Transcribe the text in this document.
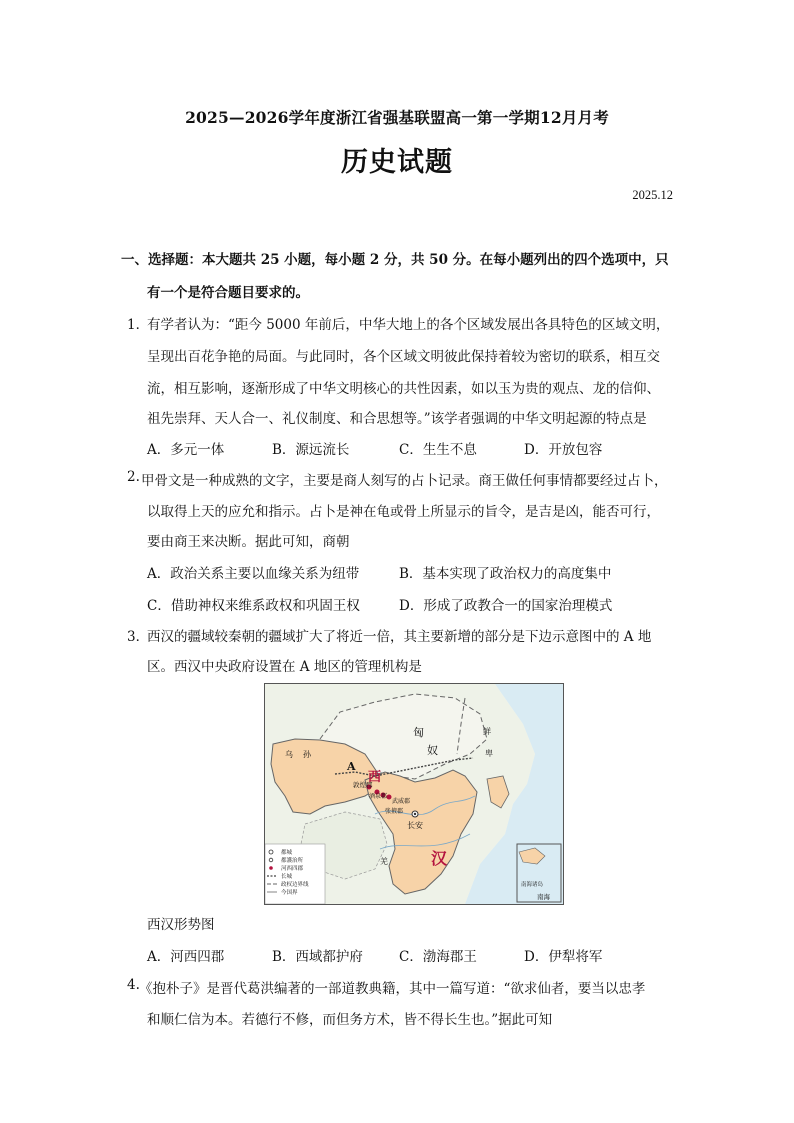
2025—2026学年度浙江省强基联盟高一第一学期12月月考
历史试题
2025.12
一、选择题：本大题共 25 小题，每小题 2 分，共 50 分。在每小题列出的四个选项中，只
有一个是符合题目要求的。
1．
有学者认为：“距今 5000 年前后，中华大地上的各个区域发展出各具特色的区域文明，
呈现出百花争艳的局面。与此同时，各个区域文明彼此保持着较为密切的联系，相互交
流，相互影响，逐渐形成了中华文明核心的共性因素，如以玉为贵的观点、龙的信仰、
祖先崇拜、天人合一、礼仪制度、和合思想等。”该学者强调的中华文明起源的特点是
A．多元一体	B．源远流长	C．生生不息	D．开放包容
2. 甲骨文是一种成熟的文字，主要是商人刻写的占卜记录。商王做任何事情都要经过占卜，
以取得上天的应允和指示。占卜是神在龟或骨上所显示的旨令，是吉是凶，能否可行，
要由商王来决断。据此可知，商朝
A．政治关系主要以血缘关系为纽带	B．基本实现了政治权力的高度集中
C．借助神权来维系政权和巩固王权	D．形成了政教合一的国家治理模式
3．
西汉的疆域较秦朝的疆域扩大了将近一倍，其主要新增的部分是下边示意图中的 A 地
区。西汉中央政府设置在 A 地区的管理机构是
A
西
汉
匈
奴
鲜
卑
乌 孙
敦煌郡
酒泉郡
武威郡
张掖郡
长安
羌
南海
南海诸岛
都城
都護治所
河西四郡
长城
政权边界线
今国界
西汉形势图
A．河西四郡	B．西域都护府	C．渤海郡王	D．伊犁将军
4. 《抱朴子》是晋代葛洪编著的一部道教典籍，其中一篇写道：“欲求仙者，要当以忠孝
和顺仁信为本。若德行不修，而但务方术，皆不得长生也。”据此可知
